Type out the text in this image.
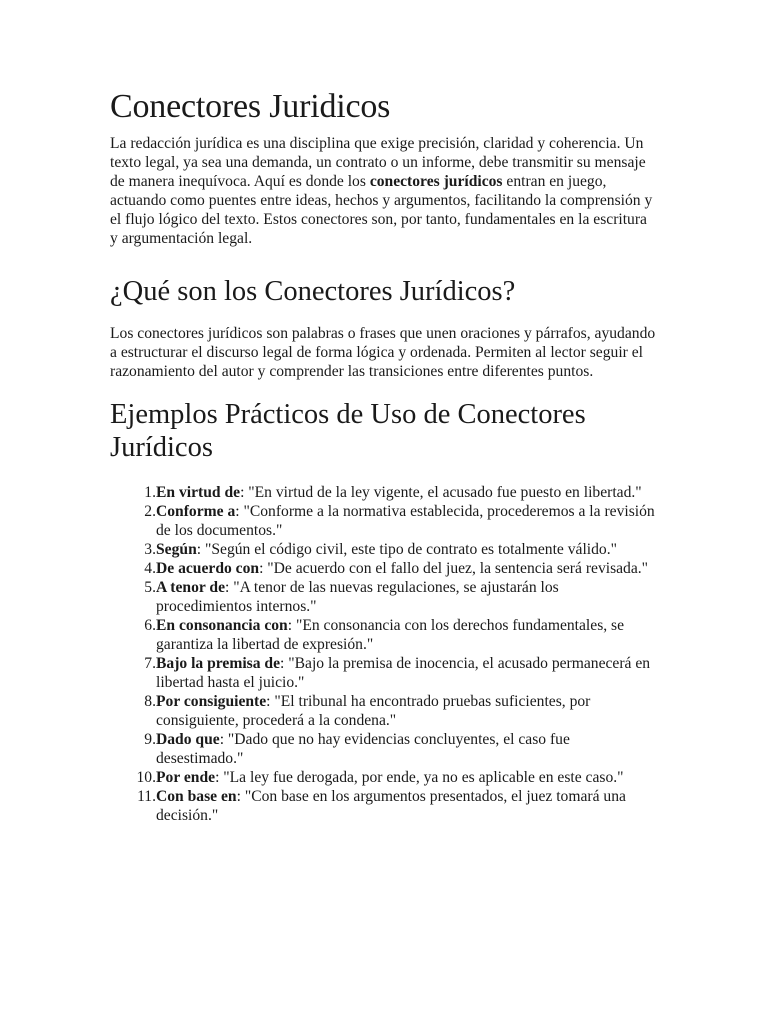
Conectores Juridicos

La redacción jurídica es una disciplina que exige precisión, claridad y coherencia. Un texto legal, ya sea una demanda, un contrato o un informe, debe transmitir su mensaje de manera inequívoca. Aquí es donde los conectores jurídicos entran en juego, actuando como puentes entre ideas, hechos y argumentos, facilitando la comprensión y el flujo lógico del texto. Estos conectores son, por tanto, fundamentales en la escritura y argumentación legal.

¿Qué son los Conectores Jurídicos?

Los conectores jurídicos son palabras o frases que unen oraciones y párrafos, ayudando a estructurar el discurso legal de forma lógica y ordenada. Permiten al lector seguir el razonamiento del autor y comprender las transiciones entre diferentes puntos.

Ejemplos Prácticos de Uso de Conectores Jurídicos
1. En virtud de: "En virtud de la ley vigente, el acusado fue puesto en libertad."
2. Conforme a: "Conforme a la normativa establecida, procederemos a la revisión de los documentos."
3. Según: "Según el código civil, este tipo de contrato es totalmente válido."
4. De acuerdo con: "De acuerdo con el fallo del juez, la sentencia será revisada."
5. A tenor de: "A tenor de las nuevas regulaciones, se ajustarán los procedimientos internos."
6. En consonancia con: "En consonancia con los derechos fundamentales, se garantiza la libertad de expresión."
7. Bajo la premisa de: "Bajo la premisa de inocencia, el acusado permanecerá en libertad hasta el juicio."
8. Por consiguiente: "El tribunal ha encontrado pruebas suficientes, por consiguiente, procederá a la condena."
9. Dado que: "Dado que no hay evidencias concluyentes, el caso fue desestimado."
10. Por ende: "La ley fue derogada, por ende, ya no es aplicable en este caso."
11. Con base en: "Con base en los argumentos presentados, el juez tomará una decisión."
